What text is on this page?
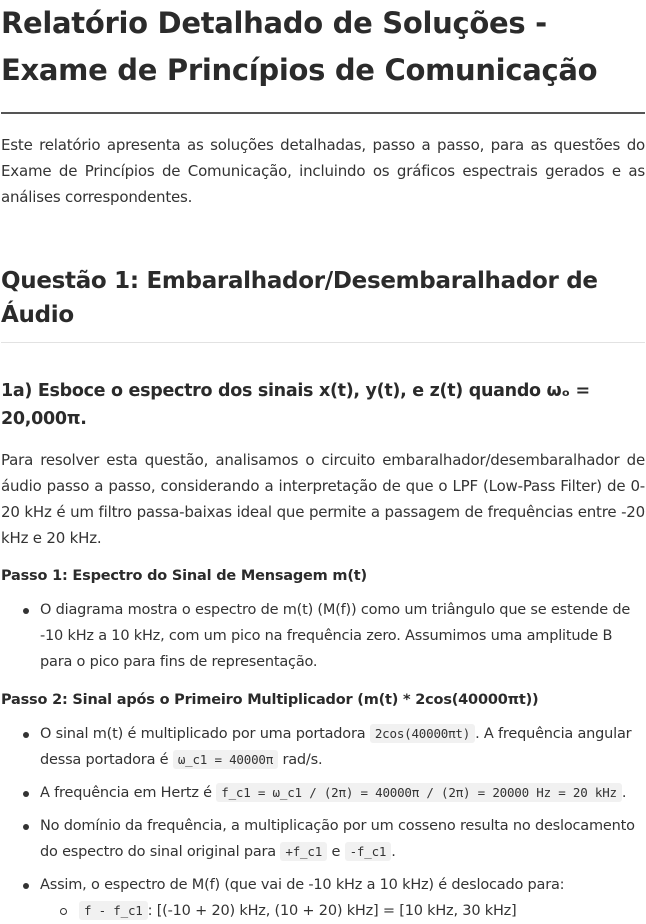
Relatório Detalhado de Soluções - Exame de Princípios de Comunicação

Este relatório apresenta as soluções detalhadas, passo a passo, para as questões do Exame de Princípios de Comunicação, incluindo os gráficos espectrais gerados e as análises correspondentes.

Questão 1: Embaralhador/Desembaralhador de Áudio
1a) Esboce o espectro dos sinais x(t), y(t), e z(t) quando ωₒ = 20,000π.

Para resolver esta questão, analisamos o circuito embaralhador/desembaralhador de áudio passo a passo, considerando a interpretação de que o LPF (Low-Pass Filter) de 0-20 kHz é um filtro passa-baixas ideal que permite a passagem de frequências entre -20 kHz e 20 kHz.

Passo 1: Espectro do Sinal de Mensagem m(t)
O diagrama mostra o espectro de m(t) (M(f)) como um triângulo que se estende de -10 kHz a 10 kHz, com um pico na frequência zero. Assumimos uma amplitude B para o pico para fins de representação.
Passo 2: Sinal após o Primeiro Multiplicador (m(t) * 2cos(40000πt))
O sinal m(t) é multiplicado por uma portadora 2cos(40000πt) . A frequência angular dessa portadora é ω_c1 = 40000π rad/s.
A frequência em Hertz é f_c1 = ω_c1 / (2π) = 40000π / (2π) = 20000 Hz = 20 kHz .
No domínio da frequência, a multiplicação por um cosseno resulta no deslocamento do espectro do sinal original para +f_c1 e -f_c1 .
Assim, o espectro de M(f) (que vai de -10 kHz a 10 kHz) é deslocado para:
f - f_c1 : [(-10 + 20) kHz, (10 + 20) kHz] = [10 kHz, 30 kHz]
